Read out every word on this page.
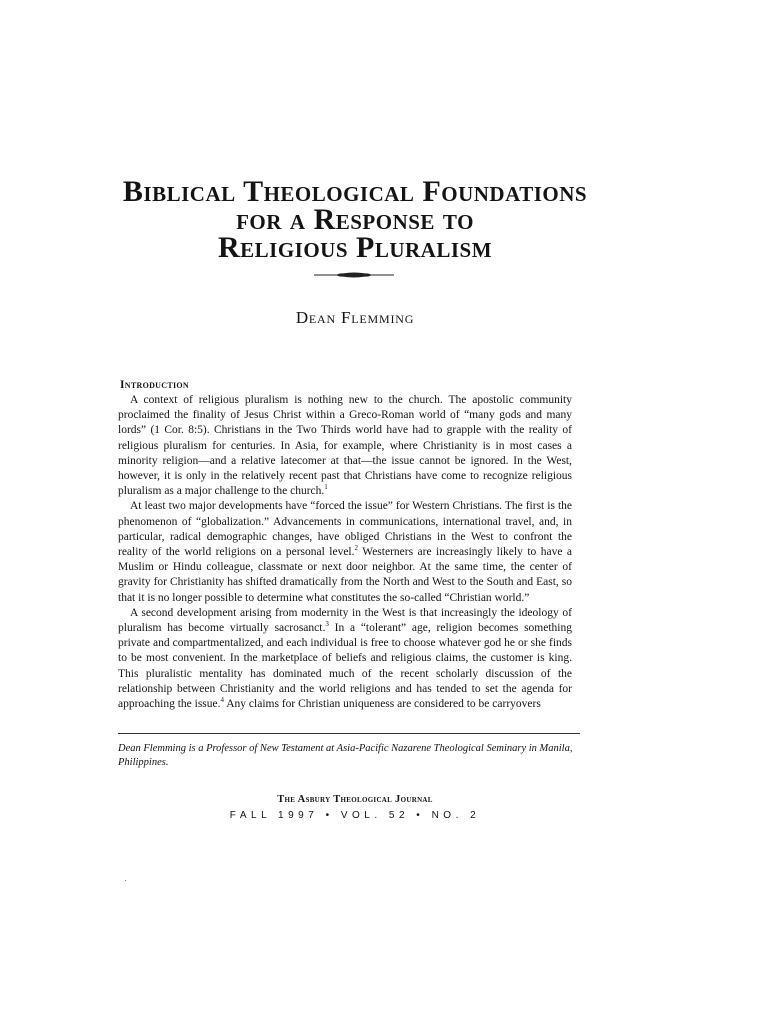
Biblical Theological Foundations
for a Response to
Religious Pluralism
Dean Flemming

Introduction

A context of religious pluralism is nothing new to the church. The apostolic community proclaimed the finality of Jesus Christ within a Greco-Roman world of “many gods and many lords” (1 Cor. 8:5). Christians in the Two Thirds world have had to grapple with the reality of religious pluralism for centuries. In Asia, for example, where Christianity is in most cases a minority religion—and a relative latecomer at that—the issue cannot be ignored. In the West, however, it is only in the relatively recent past that Christians have come to recognize religious pluralism as a major challenge to the church.$^1$

At least two major developments have “forced the issue” for Western Christians. The first is the phenomenon of “globalization.” Advancements in communications, international travel, and, in particular, radical demographic changes, have obliged Christians in the West to confront the reality of the world religions on a personal level.$^2$ Westerners are increasingly likely to have a Muslim or Hindu colleague, classmate or next door neighbor. At the same time, the center of gravity for Christianity has shifted dramatically from the North and West to the South and East, so that it is no longer possible to determine what constitutes the so-called “Christian world.”

A second development arising from modernity in the West is that increasingly the ideology of pluralism has become virtually sacrosanct.$^3$ In a “tolerant” age, religion becomes something private and compartmentalized, and each individual is free to choose whatever god he or she finds to be most convenient. In the marketplace of beliefs and religious claims, the customer is king. This pluralistic mentality has dominated much of the recent scholarly discussion of the relationship between Christianity and the world religions and has tended to set the agenda for approaching the issue.$^4$ Any claims for Christian uniqueness are considered to be carryovers

Dean Flemming is a Professor of New Testament at Asia-Pacific Nazarene Theological Seminary in Manila, Philippines.
The Asbury Theological Journal
FALL 1997 • VOL. 52 • NO. 2
